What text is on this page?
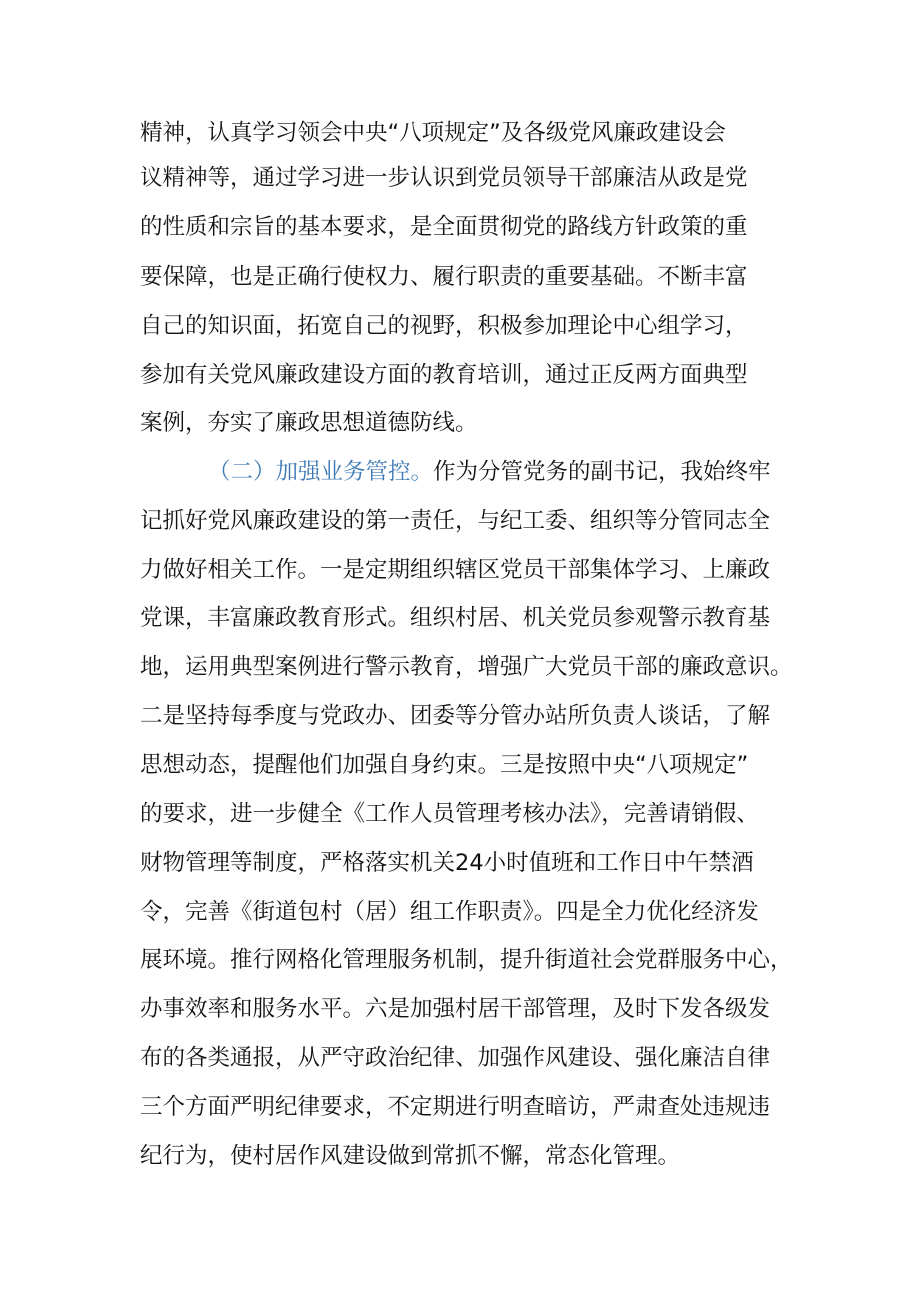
精神，认真学习领会中央“八项规定”及各级党风廉政建设会
议精神等，通过学习进一步认识到党员领导干部廉洁从政是党
的性质和宗旨的基本要求，是全面贯彻党的路线方针政策的重
要保障，也是正确行使权力、履行职责的重要基础。不断丰富
自己的知识面，拓宽自己的视野，积极参加理论中心组学习，
参加有关党风廉政建设方面的教育培训，通过正反两方面典型
案例，夯实了廉政思想道德防线。
（二）加强业务管控。作为分管党务的副书记，我始终牢
记抓好党风廉政建设的第一责任，与纪工委、组织等分管同志全
力做好相关工作。一是定期组织辖区党员干部集体学习、上廉政
党课，丰富廉政教育形式。组织村居、机关党员参观警示教育基
地，运用典型案例进行警示教育，增强广大党员干部的廉政意识。
二是坚持每季度与党政办、团委等分管办站所负责人谈话，了解
思想动态，提醒他们加强自身约束。三是按照中央“八项规定”
的要求，进一步健全《工作人员管理考核办法》，完善请销假、
财物管理等制度，严格落实机关24小时值班和工作日中午禁酒
令，完善《街道包村（居）组工作职责》。四是全力优化经济发
展环境。推行网格化管理服务机制，提升街道社会党群服务中心，
办事效率和服务水平。六是加强村居干部管理，及时下发各级发
布的各类通报，从严守政治纪律、加强作风建设、强化廉洁自律
三个方面严明纪律要求，不定期进行明查暗访，严肃查处违规违
纪行为，使村居作风建设做到常抓不懈，常态化管理。
